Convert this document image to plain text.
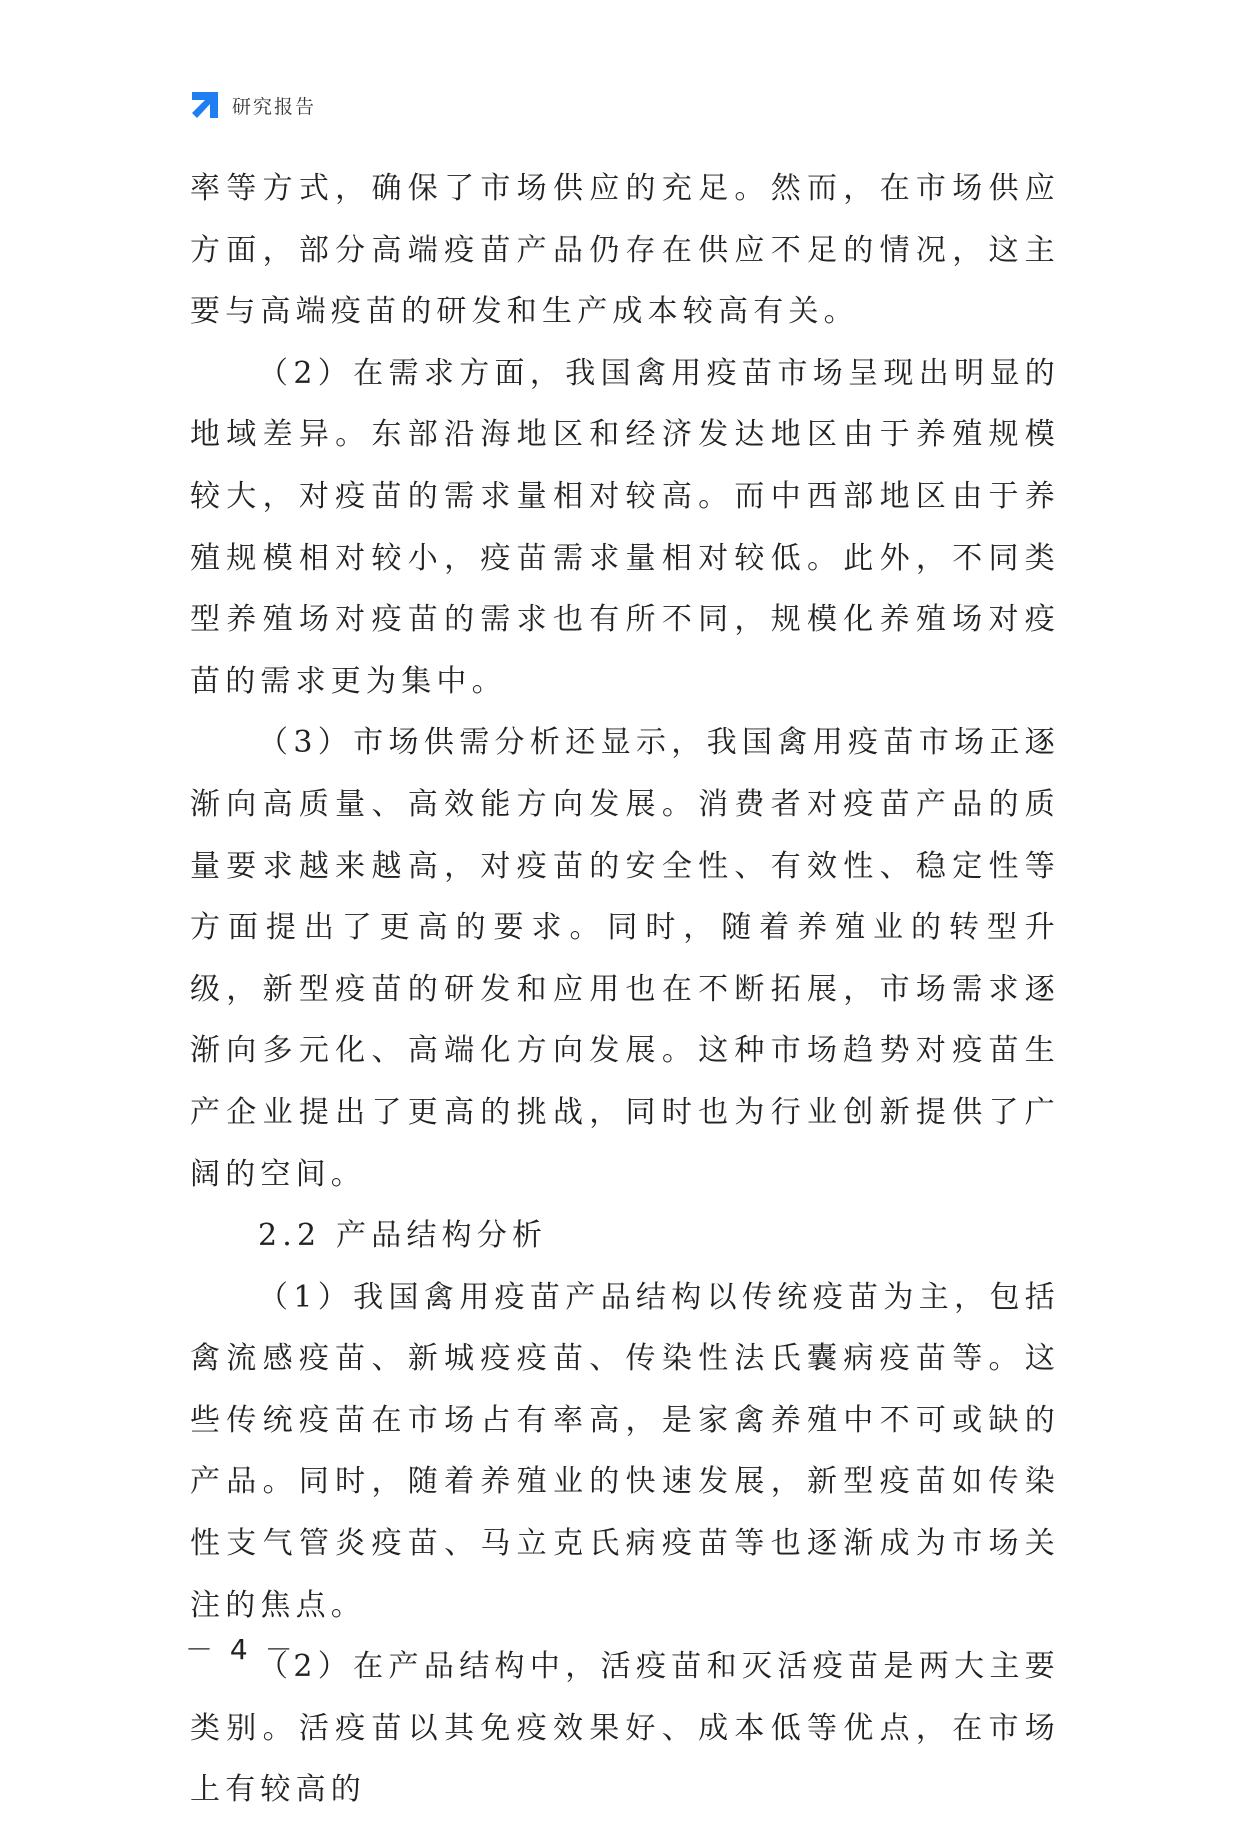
研究报告

率等方式，确保了市场供应的充足。然而，在市场供应方面，部分高端疫苗产品仍存在供应不足的情况，这主要与高端疫苗的研发和生产成本较高有关。

（2）在需求方面，我国禽用疫苗市场呈现出明显的地域差异。东部沿海地区和经济发达地区由于养殖规模较大，对疫苗的需求量相对较高。而中西部地区由于养殖规模相对较小，疫苗需求量相对较低。此外，不同类型养殖场对疫苗的需求也有所不同，规模化养殖场对疫苗的需求更为集中。

（3）市场供需分析还显示，我国禽用疫苗市场正逐渐向高质量、高效能方向发展。消费者对疫苗产品的质量要求越来越高，对疫苗的安全性、有效性、稳定性等方面提出了更高的要求。同时，随着养殖业的转型升级，新型疫苗的研发和应用也在不断拓展，市场需求逐渐向多元化、高端化方向发展。这种市场趋势对疫苗生产企业提出了更高的挑战，同时也为行业创新提供了广阔的空间。

2.2 产品结构分析

（1）我国禽用疫苗产品结构以传统疫苗为主，包括禽流感疫苗、新城疫疫苗、传染性法氏囊病疫苗等。这些传统疫苗在市场占有率高，是家禽养殖中不可或缺的产品。同时，随着养殖业的快速发展，新型疫苗如传染性支气管炎疫苗、马立克氏病疫苗等也逐渐成为市场关注的焦点。

（2）在产品结构中，活疫苗和灭活疫苗是两大主要类别。活疫苗以其免疫效果好、成本低等优点，在市场上有较高的

－ 4 －
